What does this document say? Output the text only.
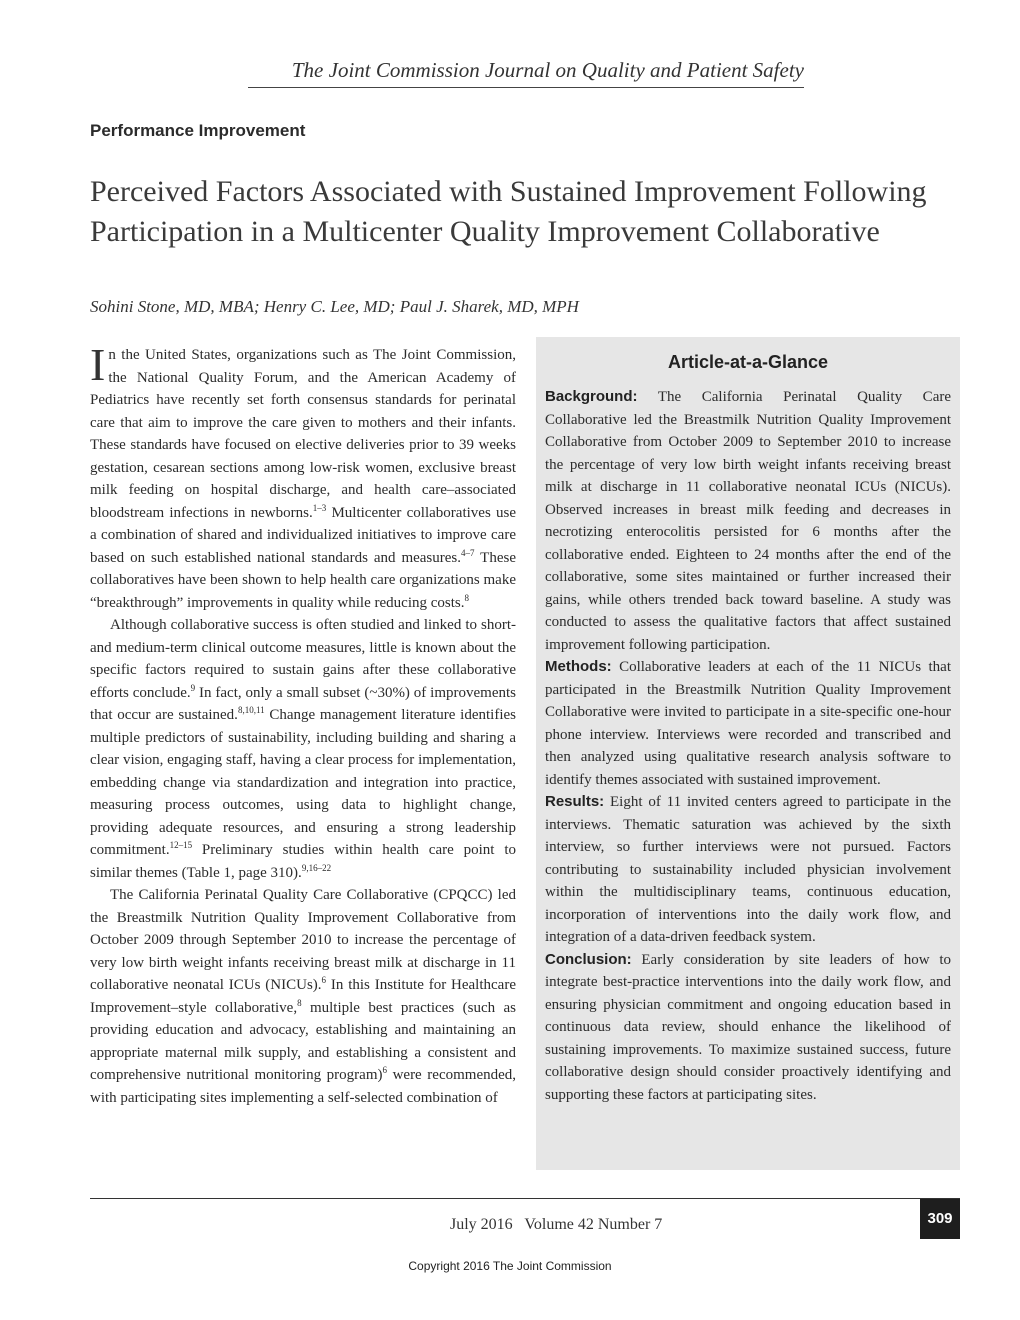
The Joint Commission Journal on Quality and Patient Safety
Performance Improvement
Perceived Factors Associated with Sustained Improvement Following Participation in a Multicenter Quality Improvement Collaborative
Sohini Stone, MD, MBA; Henry C. Lee, MD; Paul J. Sharek, MD, MPH

In the United States, organizations such as The Joint Commission, the National Quality Forum, and the American Academy of Pediatrics have recently set forth consensus standards for perinatal care that aim to improve the care given to mothers and their infants. These standards have focused on elective deliveries prior to 39 weeks gestation, cesarean sections among low-risk women, exclusive breast milk feeding on hospital discharge, and health care–associated bloodstream infections in newborns.$^{1-3}$ Multicenter collaboratives use a combination of shared and individualized initiatives to improve care based on such established national standards and measures.$^{4-7}$ These collaboratives have been shown to help health care organizations make “breakthrough” improvements in quality while reducing costs.$^8$

Although collaborative success is often studied and linked to short- and medium-term clinical outcome measures, little is known about the specific factors required to sustain gains after these collaborative efforts conclude.$^9$ In fact, only a small subset (~30%) of improvements that occur are sustained.$^{8,10,11}$ Change management literature identifies multiple predictors of sustainability, including building and sharing a clear vision, engaging staff, having a clear process for implementation, embedding change via standardization and integration into practice, measuring process outcomes, using data to highlight change, providing adequate resources, and ensuring a strong leadership commitment.$^{12-15}$ Preliminary studies within health care point to similar themes (Table 1, page 310).$^{9,16-22}$

The California Perinatal Quality Care Collaborative (CPQCC) led the Breastmilk Nutrition Quality Improvement Collaborative from October 2009 through September 2010 to increase the percentage of very low birth weight infants receiving breast milk at discharge in 11 collaborative neonatal ICUs (NICUs).$^6$ In this Institute for Healthcare Improvement–style collaborative,$^8$ multiple best practices (such as providing education and advocacy, establishing and maintaining an appropriate maternal milk supply, and establishing a consistent and comprehensive nutritional monitoring program)$^6$ were recommended, with participating sites implementing a self-selected combination of

Article-at-a-Glance

Background: The California Perinatal Quality Care Collaborative led the Breastmilk Nutrition Quality Improvement Collaborative from October 2009 to September 2010 to increase the percentage of very low birth weight infants receiving breast milk at discharge in 11 collaborative neonatal ICUs (NICUs). Observed increases in breast milk feeding and decreases in necrotizing enterocolitis persisted for 6 months after the collaborative ended. Eighteen to 24 months after the end of the collaborative, some sites maintained or further increased their gains, while others trended back toward baseline. A study was conducted to assess the qualitative factors that affect sustained improvement following participation.

Methods: Collaborative leaders at each of the 11 NICUs that participated in the Breastmilk Nutrition Quality Improvement Collaborative were invited to participate in a site-specific one-hour phone interview. Interviews were recorded and transcribed and then analyzed using qualitative research analysis software to identify themes associated with sustained improvement.

Results: Eight of 11 invited centers agreed to participate in the interviews. Thematic saturation was achieved by the sixth interview, so further interviews were not pursued. Factors contributing to sustainability included physician involvement within the multidisciplinary teams, continuous education, incorporation of interventions into the daily work flow, and integration of a data-driven feedback system.

Conclusion: Early consideration by site leaders of how to integrate best-practice interventions into the daily work flow, and ensuring physician commitment and ongoing education based in continuous data review, should enhance the likelihood of sustaining improvements. To maximize sustained success, future collaborative design should consider proactively identifying and supporting these factors at participating sites.

July 2016   Volume 42 Number 7	309
Copyright 2016 The Joint Commission
